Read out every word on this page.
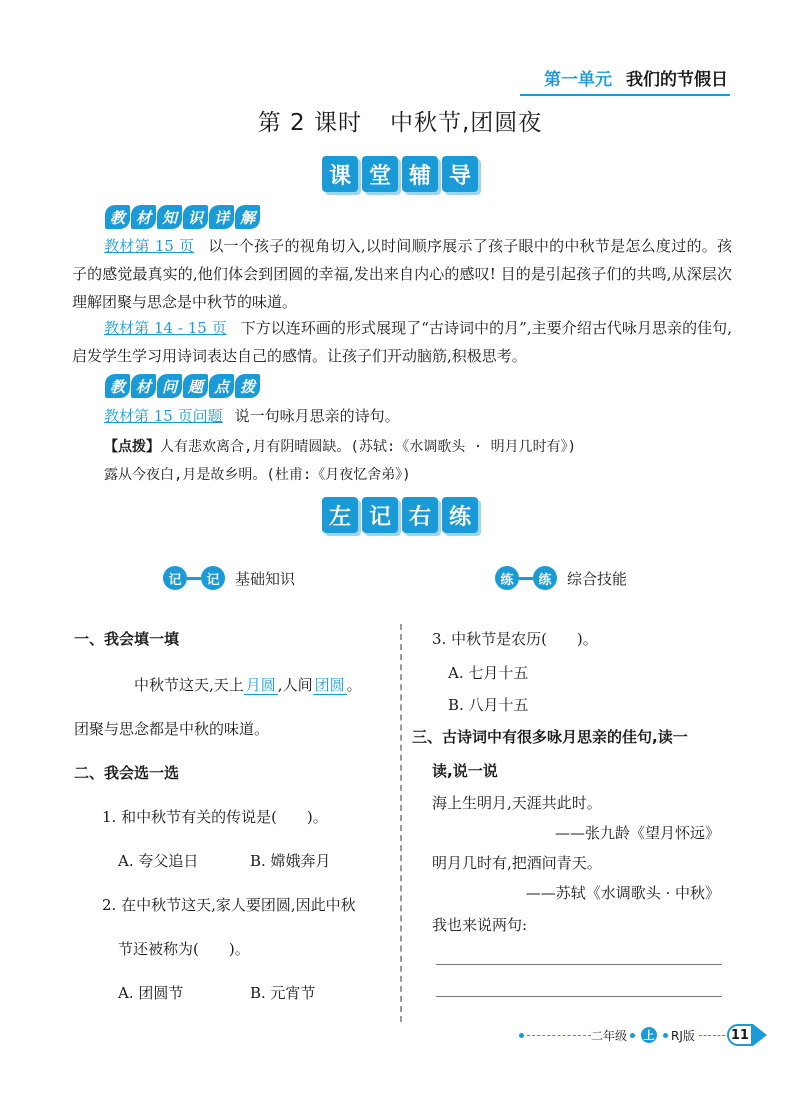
第一单元 我们的节假日
第 2 课时 中秋节,团圆夜
课 堂 辅 导
教 材 知 识 详 解

教材第 15 页 以一个孩子的视角切入,以时间顺序展示了孩子眼中的中秋节是怎么度过的。孩子的感觉最真实的,他们体会到团圆的幸福,发出来自内心的感叹! 目的是引起孩子们的共鸣,从深层次理解团聚与思念是中秋节的味道。

教材第 14 - 15 页 下方以连环画的形式展现了“古诗词中的月”,主要介绍古代咏月思亲的佳句,启发学生学习用诗词表达自己的感情。让孩子们开动脑筋,积极思考。

教 材 问 题 点 拨

教材第 15 页问题 说一句咏月思亲的诗句。

【点拨】人有悲欢离合,月有阴晴圆缺。(苏轼:《水调歌头 · 明月几时有》)
露从今夜白,月是故乡明。(杜甫:《月夜忆舍弟》)
左 记 右 练
记	记	基础知识	练	练	综合技能
一、我会填一填
中秋节这天,天上 月圆 ,人间 团圆 。
团聚与思念都是中秋的味道。
二、我会选一选
1. 和中秋节有关的传说是(　　)。
A. 夸父追日	B. 嫦娥奔月
2. 在中秋节这天,家人要团圆,因此中秋
节还被称为(　　)。
A. 团圆节	B. 元宵节
3. 中秋节是农历(　　)。
A. 七月十五
B. 八月十五
三、古诗词中有很多咏月思亲的佳句,读一
读,说一说
海上生明月,天涯共此时。
——张九龄《望月怀远》
明月几时有,把酒问青天。
——苏轼《水调歌头 · 中秋》
我也来说两句:
二年级 上 RJ版	11
